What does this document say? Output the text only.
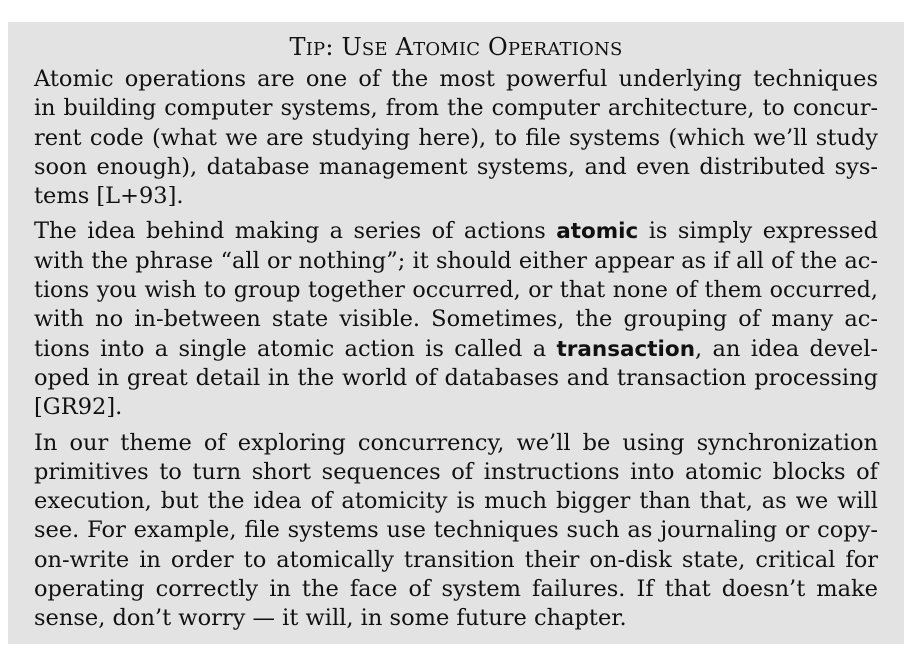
TIP: USE ATOMIC OPERATIONS
Atomic operations are one of the most powerful underlying techniques
in building computer systems, from the computer architecture, to concur-
rent code (what we are studying here), to file systems (which we’ll study
soon enough), database management systems, and even distributed sys-
tems [L+93].
The idea behind making a series of actions atomic is simply expressed
with the phrase “all or nothing”; it should either appear as if all of the ac-
tions you wish to group together occurred, or that none of them occurred,
with no in-between state visible. Sometimes, the grouping of many ac-
tions into a single atomic action is called a transaction, an idea devel-
oped in great detail in the world of databases and transaction processing
[GR92].
In our theme of exploring concurrency, we’ll be using synchronization
primitives to turn short sequences of instructions into atomic blocks of
execution, but the idea of atomicity is much bigger than that, as we will
see. For example, file systems use techniques such as journaling or copy-
on-write in order to atomically transition their on-disk state, critical for
operating correctly in the face of system failures. If that doesn’t make
sense, don’t worry — it will, in some future chapter.
